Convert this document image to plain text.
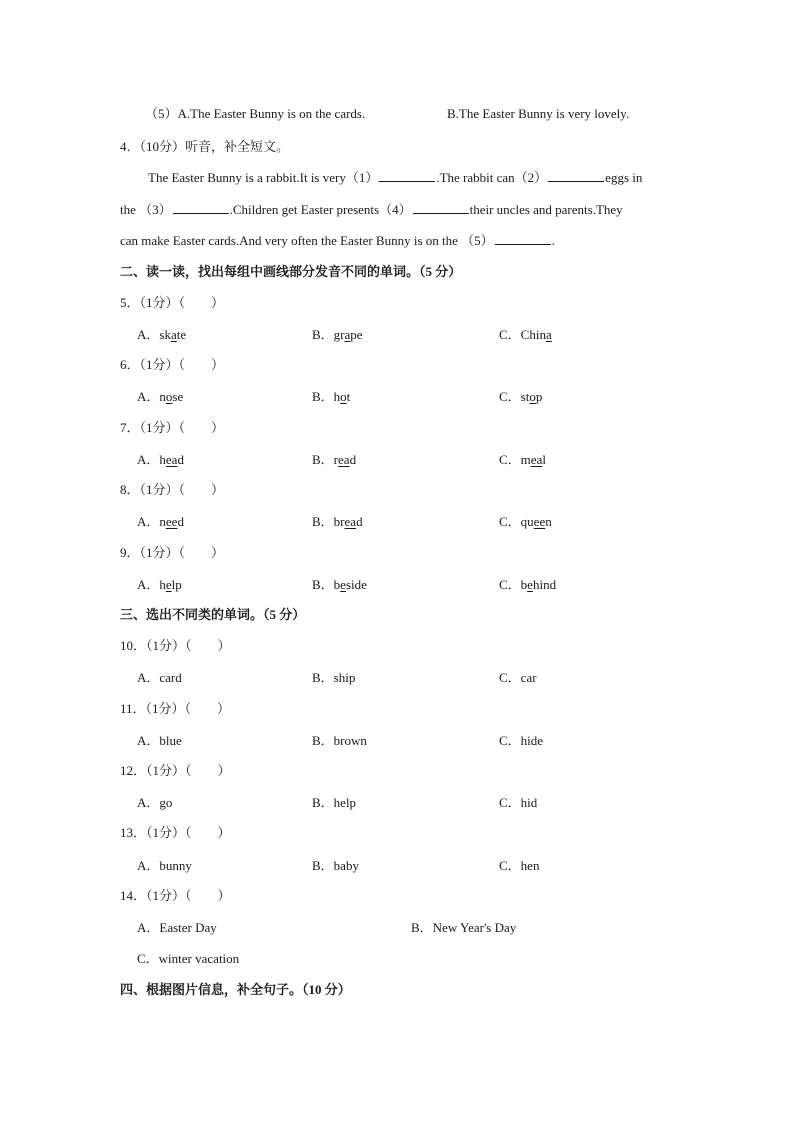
（5）A.The Easter Bunny is on the cards.	B.The Easter Bunny is very lovely.
4．（10分）听音，补全短文。
The Easter Bunny is a rabbit.It is very（1）	.The rabbit can（2）	eggs in
the （3）	.Children get Easter presents（4）	their uncles and parents.They
can make Easter cards.And very often the Easter Bunny is on the （5）	.
二、读一读，找出每组中画线部分发音不同的单词。（5 分）
5．（1分）（　　）
A．skate	B．grape	C．China
6．（1分）（　　）
A．nose	B．hot	C．stop
7．（1分）（　　）
A．head	B．read	C．meal
8．（1分）（　　）
A．need	B．bread	C．queen
9．（1分）（　　）
A．help	B．beside	C．behind
三、选出不同类的单词。（5 分）
10．（1分）（　　）
A．card	B．ship	C．car
11．（1分）（　　）
A．blue	B．brown	C．hide
12．（1分）（　　）
A．go	B．help	C．hid
13．（1分）（　　）
A．bunny	B．baby	C．hen
14．（1分）（　　）
A．Easter Day	B．New Year's Day
C．winter vacation
四、根据图片信息，补全句子。（10 分）
